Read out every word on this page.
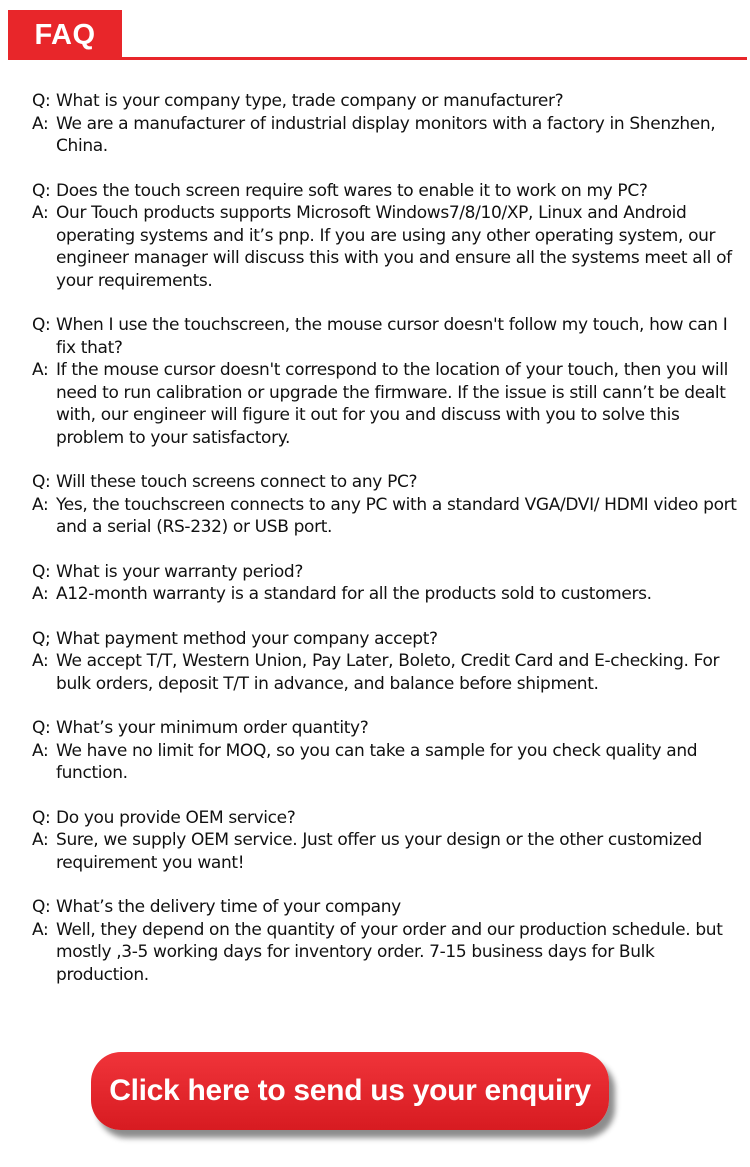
FAQ
Q: What is your company type, trade company or manufacturer?
A: We are a manufacturer of industrial display monitors with a factory in Shenzhen, China.
Q: Does the touch screen require soft wares to enable it to work on my PC?
A: Our Touch products supports Microsoft Windows7/8/10/XP, Linux and Android operating systems and it’s pnp. If you are using any other operating system, our engineer manager will discuss this with you and ensure all the systems meet all of your requirements.
Q: When I use the touchscreen, the mouse cursor doesn't follow my touch, how can I fix that?
A: If the mouse cursor doesn't correspond to the location of your touch, then you will need to run calibration or upgrade the firmware. If the issue is still cann’t be dealt with, our engineer will figure it out for you and discuss with you to solve this problem to your satisfactory.
Q: Will these touch screens connect to any PC?
A: Yes, the touchscreen connects to any PC with a standard VGA/DVI/ HDMI video port and a serial (RS-232) or USB port.
Q: What is your warranty period?
A: A12-month warranty is a standard for all the products sold to customers.
Q; What payment method your company accept?
A: We accept T/T, Western Union, Pay Later, Boleto, Credit Card and E-checking. For bulk orders, deposit T/T in advance, and balance before shipment.
Q: What’s your minimum order quantity?
A: We have no limit for MOQ, so you can take a sample for you check quality and function.
Q: Do you provide OEM service?
A: Sure, we supply OEM service. Just offer us your design or the other customized requirement you want!
Q: What’s the delivery time of your company
A: Well, they depend on the quantity of your order and our production schedule. but mostly ,3-5 working days for inventory order. 7-15 business days for Bulk production.
Click here to send us your enquiry
